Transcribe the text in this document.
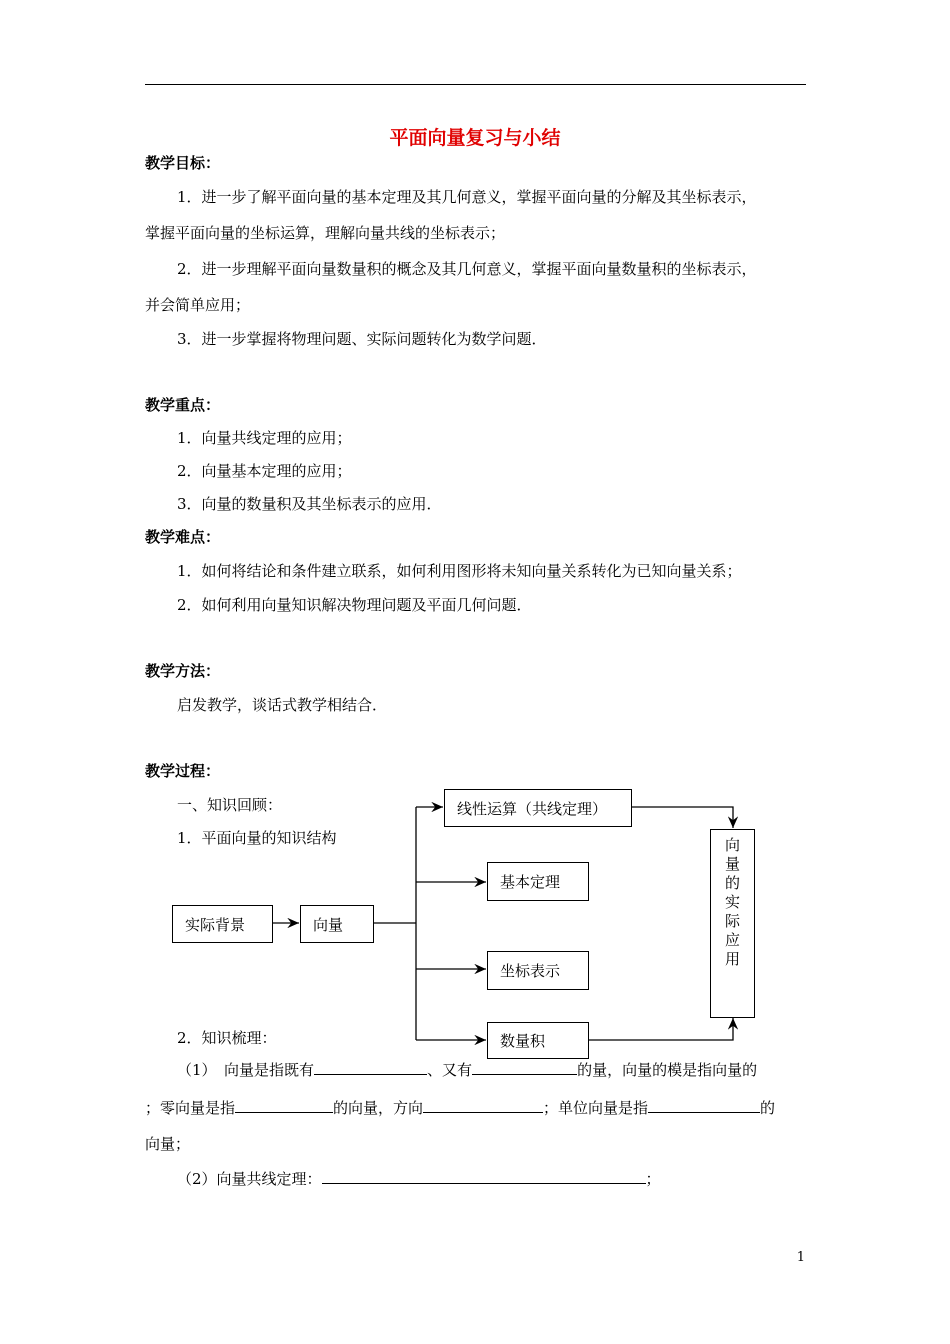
平面向量复习与小结
教学目标：
1．进一步了解平面向量的基本定理及其几何意义，掌握平面向量的分解及其坐标表示，
掌握平面向量的坐标运算，理解向量共线的坐标表示；
2．进一步理解平面向量数量积的概念及其几何意义，掌握平面向量数量积的坐标表示，
并会简单应用；
3．进一步掌握将物理问题、实际问题转化为数学问题．
教学重点：
1．向量共线定理的应用；
2．向量基本定理的应用；
3．向量的数量积及其坐标表示的应用．
教学难点：
1．如何将结论和条件建立联系，如何利用图形将未知向量关系转化为已知向量关系；
2．如何利用向量知识解决物理问题及平面几何问题．
教学方法：
启发教学，谈话式教学相结合．
教学过程：
一、知识回顾：
1．平面向量的知识结构
实际背景	向量
线性运算（共线定理）
基本定理
坐标表示
数量积
向
量
的
实
际
应
用
2．知识梳理：
（1）　向量是指既有	、又有	的量，向量的模是指向量的
；零向量是指	的向量，方向	；单位向量是指	的
向量；
（2）向量共线定理：	；
1
